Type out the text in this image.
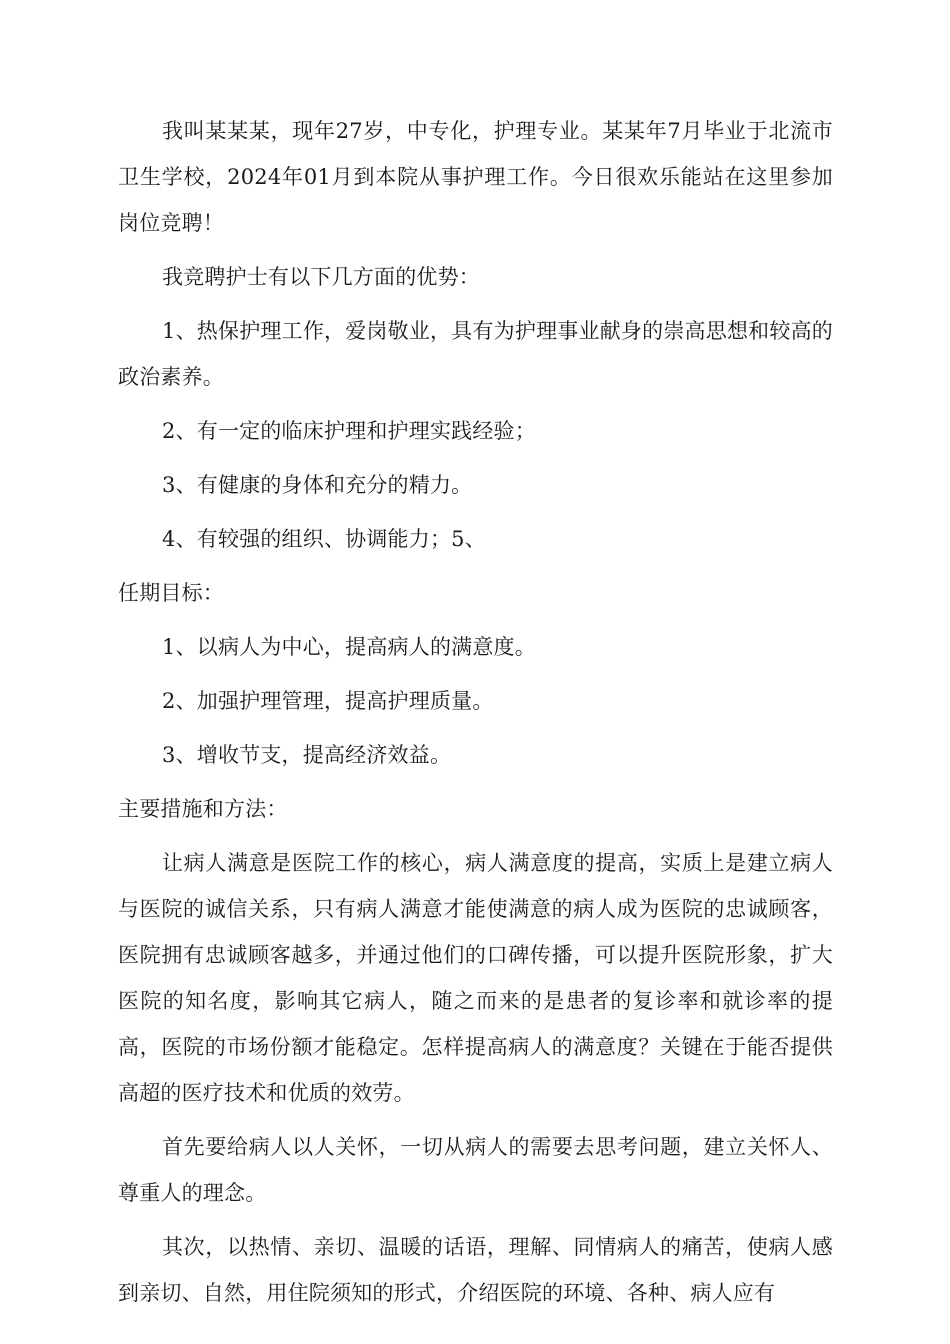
我叫某某某，现年27岁，中专化，护理专业。某某年7月毕业于北流市卫生学校，2024年01月到本院从事护理工作。今日很欢乐能站在这里参加岗位竞聘！

我竞聘护士有以下几方面的优势：

1、热保护理工作，爱岗敬业，具有为护理事业献身的崇高思想和较高的政治素养。

2、有一定的临床护理和护理实践经验；

3、有健康的身体和充分的精力。

4、有较强的组织、协调能力；5、

任期目标：

1、以病人为中心，提高病人的满意度。

2、加强护理管理，提高护理质量。

3、增收节支，提高经济效益。

主要措施和方法：

让病人满意是医院工作的核心，病人满意度的提高，实质上是建立病人与医院的诚信关系，只有病人满意才能使满意的病人成为医院的忠诚顾客，医院拥有忠诚顾客越多，并通过他们的口碑传播，可以提升医院形象，扩大医院的知名度，影响其它病人，随之而来的是患者的复诊率和就诊率的提高，医院的市场份额才能稳定。怎样提高病人的满意度？关键在于能否提供高超的医疗技术和优质的效劳。

首先要给病人以人关怀，一切从病人的需要去思考问题，建立关怀人、尊重人的理念。

其次，以热情、亲切、温暖的话语，理解、同情病人的痛苦，使病人感到亲切、自然，用住院须知的形式，介绍医院的环境、各种、病人应有
